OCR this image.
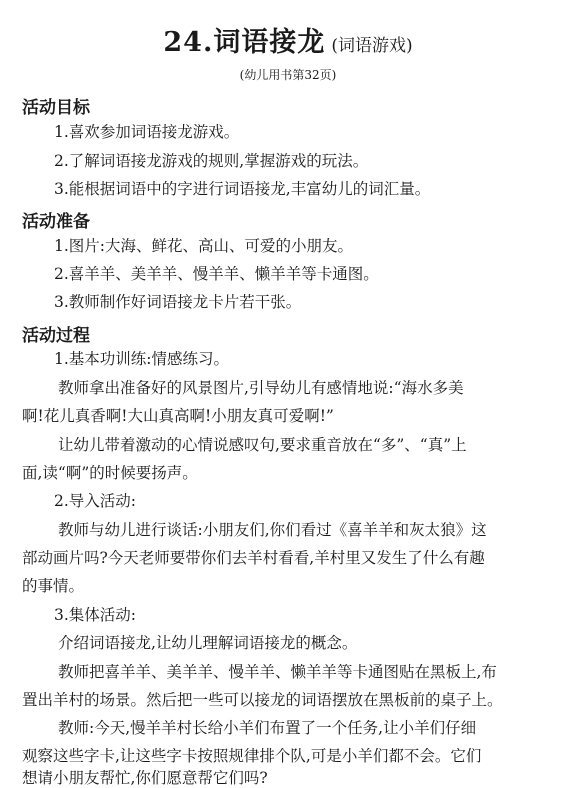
24.词语接龙 (词语游戏)
(幼儿用书第32页)
活动目标
1.喜欢参加词语接龙游戏。
2.了解词语接龙游戏的规则,掌握游戏的玩法。
3.能根据词语中的字进行词语接龙,丰富幼儿的词汇量。
活动准备
1.图片:大海、鲜花、高山、可爱的小朋友。
2.喜羊羊、美羊羊、慢羊羊、懒羊羊等卡通图。
3.教师制作好词语接龙卡片若干张。
活动过程
1.基本功训练:情感练习。
教师拿出准备好的风景图片,引导幼儿有感情地说:“海水多美
啊!花儿真香啊!大山真高啊!小朋友真可爱啊!”
让幼儿带着激动的心情说感叹句,要求重音放在“多”、“真”上
面,读“啊”的时候要扬声。
2.导入活动:
教师与幼儿进行谈话:小朋友们,你们看过《喜羊羊和灰太狼》这
部动画片吗?今天老师要带你们去羊村看看,羊村里又发生了什么有趣
的事情。
3.集体活动:
介绍词语接龙,让幼儿理解词语接龙的概念。
教师把喜羊羊、美羊羊、慢羊羊、懒羊羊等卡通图贴在黑板上,布
置出羊村的场景。然后把一些可以接龙的词语摆放在黑板前的桌子上。
教师:今天,慢羊羊村长给小羊们布置了一个任务,让小羊们仔细
观察这些字卡,让这些字卡按照规律排个队,可是小羊们都不会。它们
想请小朋友帮忙,你们愿意帮它们吗?
